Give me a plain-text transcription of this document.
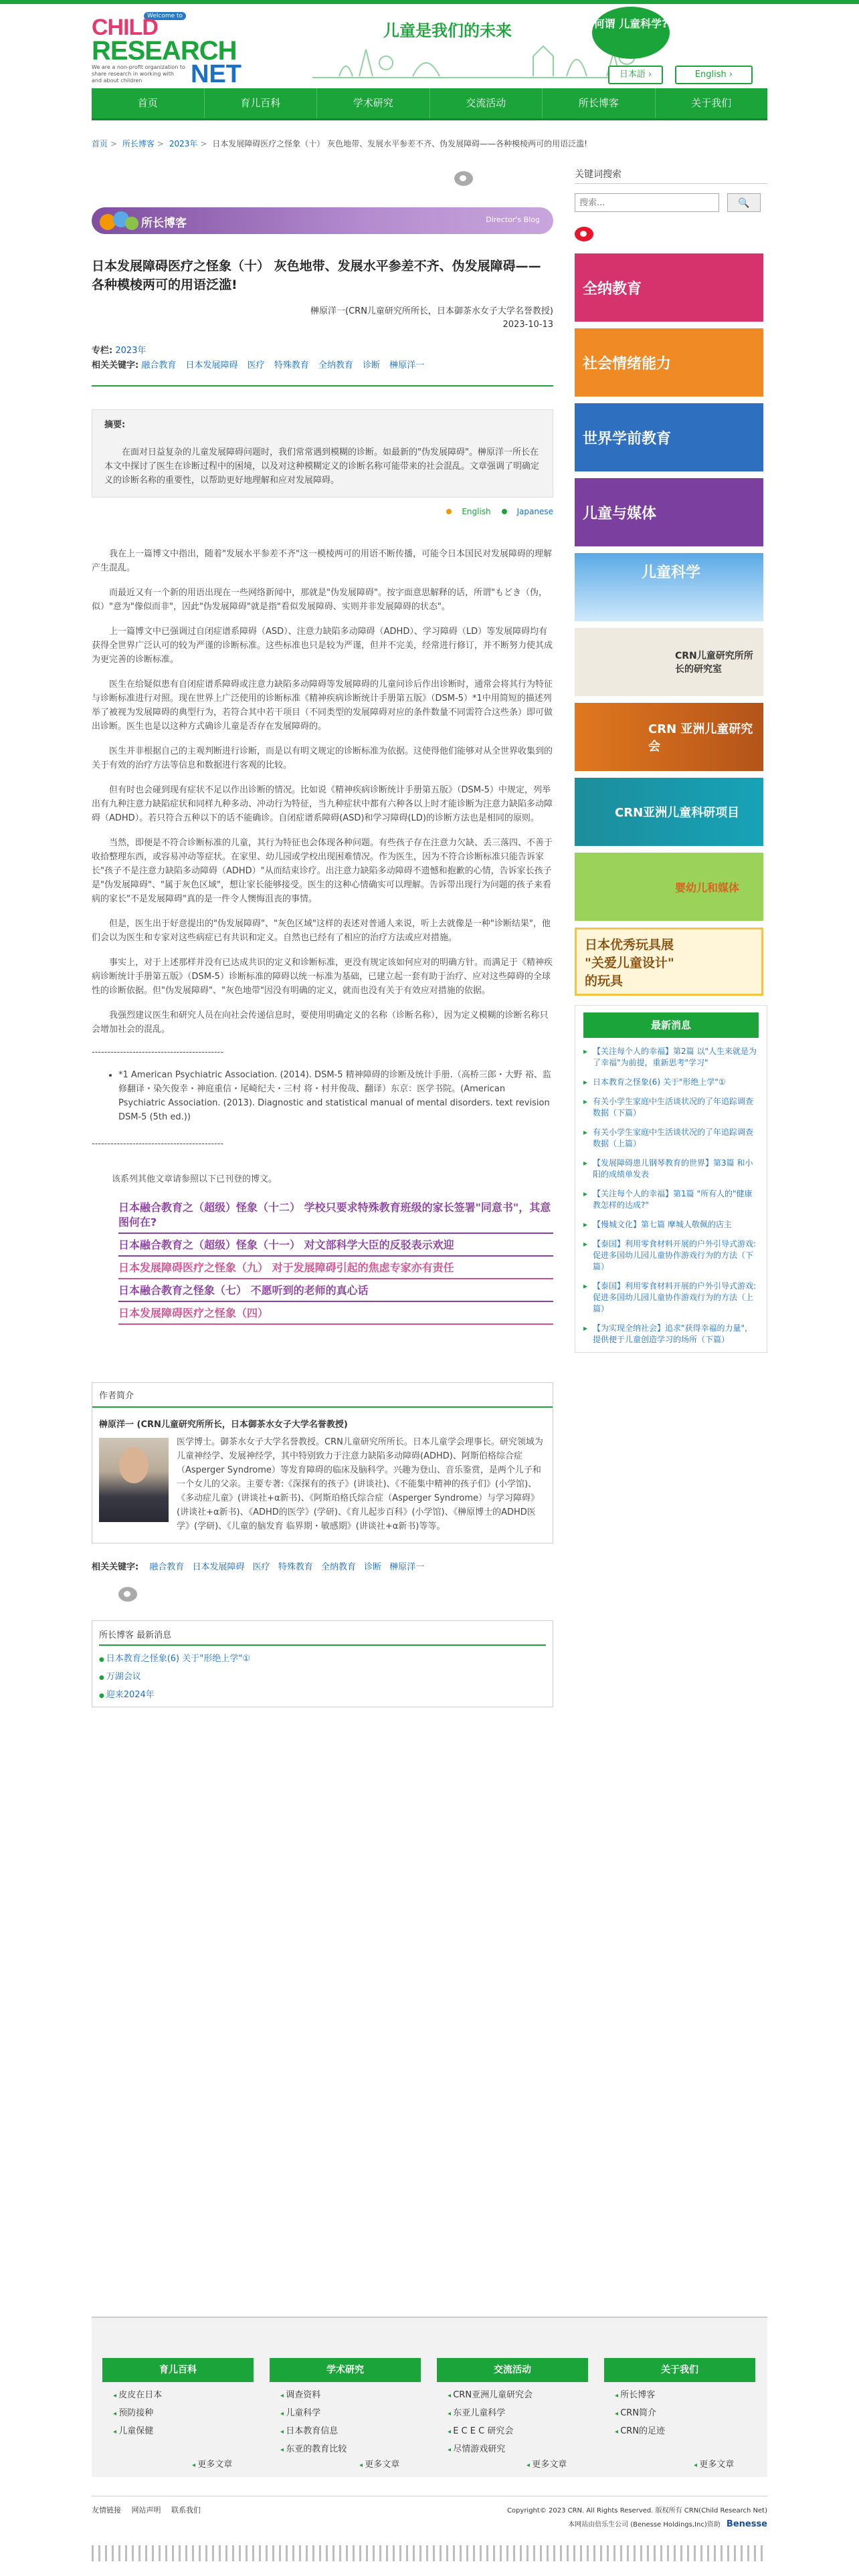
Welcome to
CHILD
RESEARCH
NET
We are a non-profit organization to share research in working with and about children
儿童是我们的未来	何谓 儿童科学?
日本語 ›	English ›
首页	育儿百科	学术研究	交流活动	所长博客	关于我们
首页 > 所长博客 > 2023年 > 日本发展障碍医疗之怪象（十） 灰色地带、发展水平参差不齐、伪发展障碍——各种模棱两可的用语泛滥!
所长博客	Director's Blog
日本发展障碍医疗之怪象（十） 灰色地带、发展水平参差不齐、伪发展障碍——各种模棱两可的用语泛滥!
榊原洋一(CRN儿童研究所所长，日本御茶水女子大学名誉教授)
2023-10-13
专栏: 2023年
相关关键字: 融合教育 日本发展障碍 医疗 特殊教育 全纳教育 诊断 榊原洋一
摘要:
在面对日益复杂的儿童发展障碍问题时，我们常常遇到模糊的诊断。如最新的"伪发展障碍"。榊原洋一所长在本文中探讨了医生在诊断过程中的困境，以及对这种模糊定义的诊断名称可能带来的社会混乱。文章强调了明确定义的诊断名称的重要性，以帮助更好地理解和应对发展障碍。
English	Japanese

我在上一篇博文中指出，随着"发展水平参差不齐"这一模棱两可的用语不断传播，可能令日本国民对发展障碍的理解产生混乱。

而最近又有一个新的用语出现在一些网络新闻中，那就是"伪发展障碍"。按字面意思解释的话，所谓"もどき（伪，似）"意为"像似而非"，因此"伪发展障碍"就是指"看似发展障碍、实则并非发展障碍的状态"。

上一篇博文中已强调过自闭症谱系障碍（ASD）、注意力缺陷多动障碍（ADHD）、学习障碍（LD）等发展障碍均有获得全世界广泛认可的较为严谨的诊断标准。这些标准也只是较为严谨，但并不完美，经常进行修订，并不断努力使其成为更完善的诊断标准。

医生在给疑似患有自闭症谱系障碍或注意力缺陷多动障碍等发展障碍的儿童问诊后作出诊断时，通常会将其行为特征与诊断标准进行对照。现在世界上广泛使用的诊断标准《精神疾病诊断统计手册第五版》（DSM-5）*1中用简短的描述列举了被视为发展障碍的典型行为，若符合其中若干项目（不同类型的发展障碍对应的条件数量不同需符合这些条）即可做出诊断。医生也是以这种方式确诊儿童是否存在发展障碍的。

医生并非根据自己的主观判断进行诊断，而是以有明文规定的诊断标准为依据。这使得他们能够对从全世界收集到的关于有效的治疗方法等信息和数据进行客观的比较。

但有时也会碰到现有症状不足以作出诊断的情况。比如说《精神疾病诊断统计手册第五版》（DSM-5）中规定，列举出有九种注意力缺陷症状和同样九种多动、冲动行为特征，当九种症状中都有六种各以上时才能诊断为注意力缺陷多动障碍（ADHD）。若只符合五种以下的话不能确诊。自闭症谱系障碍(ASD)和学习障碍(LD)的诊断方法也是相同的原则。

当然，即便是不符合诊断标准的儿童，其行为特征也会体现各种问题。有些孩子存在注意力欠缺、丢三落四、不善于收拾整理东西，或容易冲动等症状。在家里、幼儿园或学校出现困难情况。作为医生，因为不符合诊断标准只能告诉家长"孩子不是注意力缺陷多动障碍（ADHD）"从而结束诊疗。出注意力缺陷多动障碍不遗憾和抱歉的心情，告诉家长孩子是"伪发展障碍"、"属于灰色区域"，想让家长能够接受。医生的这种心情确实可以理解。告诉带出现行为问题的孩子来看病的家长"不是发展障碍"真的是一件令人懊悔沮丧的事情。

但是，医生出于好意提出的"伪发展障碍"、"灰色区域"这样的表述对普通人来说，听上去就像是一种"诊断结果"，他们会以为医生和专家对这些病症已有共识和定义。自然也已经有了相应的治疗方法或应对措施。

事实上，对于上述那样并没有已达成共识的定义和诊断标准，更没有规定该如何应对的明确方针。而满足于《精神疾病诊断统计手册第五版》（DSM-5）诊断标准的障碍以统一标准为基础，已建立起一套有助于治疗、应对这些障碍的全球性的诊断依据。但"伪发展障碍"、"灰色地带"因没有明确的定义，就而也没有关于有效应对措施的依据。

我强烈建议医生和研究人员在向社会传递信息时，要使用明确定义的名称（诊断名称），因为定义模糊的诊断名称只会增加社会的混乱。

------------------------------------------
• *1 American Psychiatric Association. (2014). DSM-5 精神障碍的诊断及统计手册.（高桥三郎・大野 裕、监修翻译・染矢俊幸・神庭重信・尾崎纪夫・三村 将・村井俊哉、翻译）东京：医学书院。(American Psychiatric Association. (2013). Diagnostic and statistical manual of mental disorders. text revision DSM-5 (5th ed.))
------------------------------------------
该系列其他文章请参照以下已刊登的博文。
日本融合教育之（超级）怪象（十二） 学校只要求特殊教育班级的家长签署"同意书"，其意图何在?
日本融合教育之（超级）怪象（十一） 对文部科学大臣的反驳表示欢迎
日本发展障碍医疗之怪象（九） 对于发展障碍引起的焦虑专家亦有责任
日本融合教育之怪象（七） 不愿听到的老师的真心话
日本发展障碍医疗之怪象（四）
作者简介
榊原洋一 (CRN儿童研究所所长，日本御茶水女子大学名誉教授)
医学博士。御茶水女子大学名誉教授。CRN儿童研究所所长。日本儿童学会理事长。研究领域为儿童神经学、发展神经学，其中特别致力于注意力缺陷多动障碍(ADHD)、阿斯伯格综合症（Asperger Syndrome）等发育障碍的临床及脑科学。兴趣为登山、音乐鉴赏，是两个儿子和一个女儿的父亲。主要专著:《深探有的孩子》(讲谈社)、《不能集中精神的孩子们》(小学馆)、《多动症儿童》(讲谈社+α新书)、《阿斯珀格氏综合症（Asperger Syndrome）与学习障碍》(讲谈社+α新书)、《ADHD的医学》(学研)、《育儿起步百科》(小学馆)、《榊原博士的ADHD医学》(学研)、《儿童的脑发育 临界期・敏感期》(讲谈社+α新书)等等。
相关关键字: 融合教育 日本发展障碍 医疗 特殊教育 全纳教育 诊断 榊原洋一
所长博客 最新消息
● 日本教育之怪象(6) 关于"形绝上学"①
● 万湖会议
● 迎来2024年
关键词搜索
搜索...
🔍
全纳教育
社会情绪能力
世界学前教育
儿童与媒体
儿童科学
CRN儿童研究所所长的研究室
CRN 亚洲儿童研究会
CRN亚洲儿童科研项目
婴幼儿和媒体
日本优秀玩具展 "关爱儿童设计" 的玩具
最新消息
▸ 【关注每个人的幸福】第2篇 以"人生来就是为了幸福"为前提，重新思考"学习"
▸ 日本教育之怪象(6) 关于"形绝上学"①
▸ 有关小学生家庭中生活谈状况的了年追踪调查数据（下篇）
▸ 有关小学生家庭中生活谈状况的了年追踪调查数据（上篇）
▸ 【发展障碍患儿钢琴教育的世界】第3篇 和小阳的成绩单发表
▸ 【关注每个人的幸福】第1篇 "所有人的"健康教怎样的达成?"
▸ 【慢城文化】第七篇 摩城人敬佩的店主
▸ 【泰国】利用零食材料开展的户外引导式游戏: 促进多国幼儿园儿童协作游戏行为的方法（下篇）
▸ 【泰国】利用零食材料开展的户外引导式游戏: 促进多国幼儿园儿童协作游戏行为的方法（上篇）
▸ 【为实现全纳社会】追求"获得幸福的力量"，提供便于儿童创造学习的场所（下篇）
育儿百科
◂ 皮皮在日本
◂ 预防接种
◂ 儿童保健
学术研究
◂ 调查资料
◂ 儿童科学
◂ 日本教育信息
◂ 东亚的教育比较
交流活动
◂ CRN亚洲儿童研究会
◂ 东亚儿童科学
◂ E C E C 研究会
◂ 尽情游戏研究
关于我们
◂ 所长博客
◂ CRN简介
◂ CRN的足迹
◂ 更多文章	◂ 更多文章	◂ 更多文章	◂ 更多文章
友情链接 网站声明 联系我们	Copyright© 2023 CRN. All Rights Reserved. 版权所有 CRN(Child Research Net)
本网站由倍乐生公司 (Benesse Holdings,Inc)资助 Benesse
